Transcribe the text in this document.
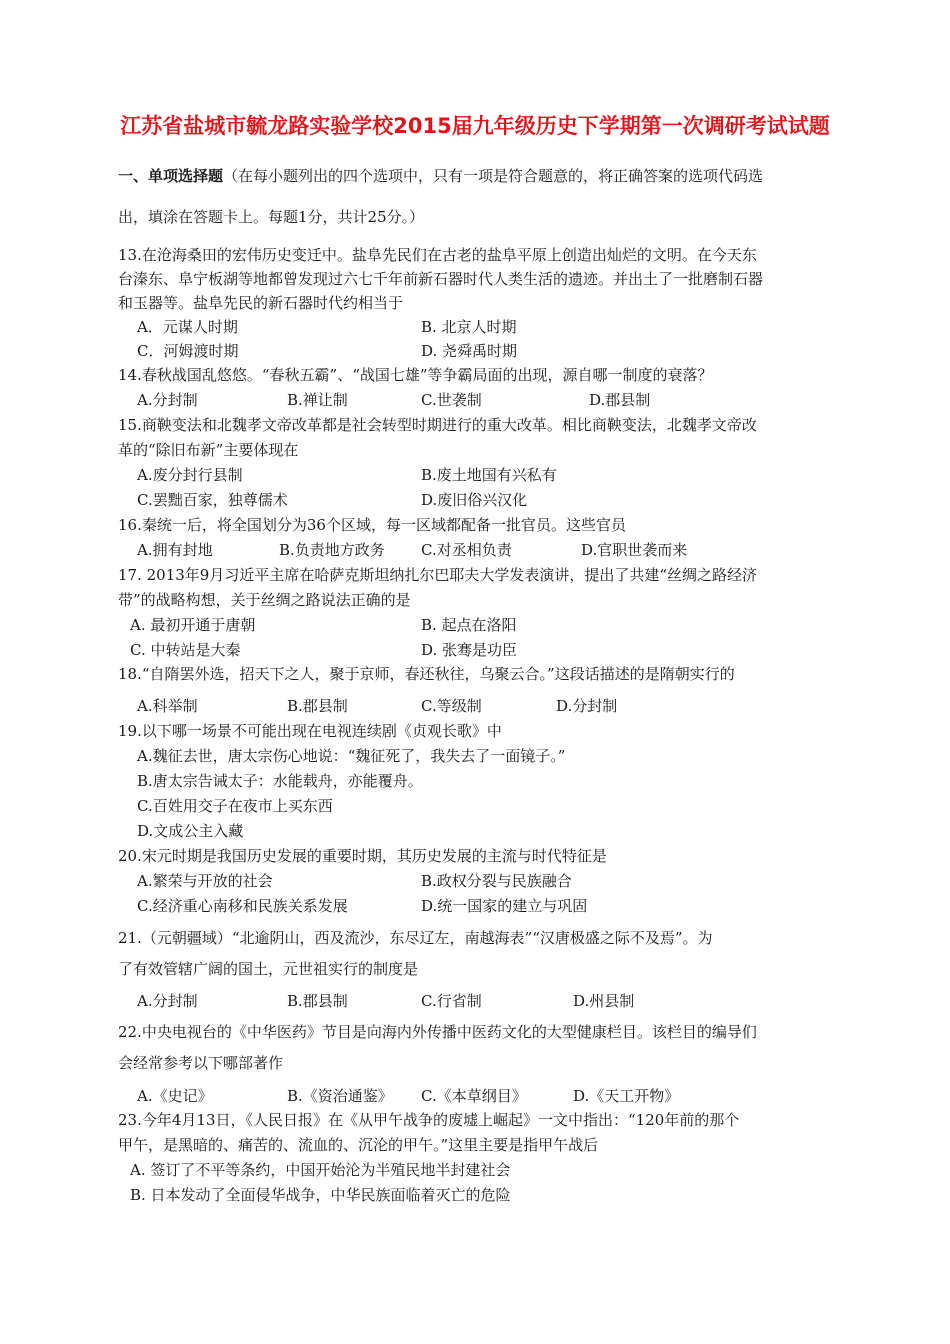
江苏省盐城市毓龙路实验学校2015届九年级历史下学期第一次调研考试试题
一、单项选择题（在每小题列出的四个选项中，只有一项是符合题意的，将正确答案的选项代码选
出，填涂在答题卡上。每题1分，共计25分。）
13.在沧海桑田的宏伟历史变迁中。盐阜先民们在古老的盐阜平原上创造出灿烂的文明。在今天东
台溱东、阜宁板湖等地都曾发现过六七千年前新石器时代人类生活的遗迹。并出土了一批磨制石器
和玉器等。盐阜先民的新石器时代约相当于
A．元谋人时期	B. 北京人时期
C．河姆渡时期	D. 尧舜禹时期
14.春秋战国乱悠悠。“春秋五霸”、“战国七雄”等争霸局面的出现，源自哪一制度的衰落？
A.分封制	B.禅让制	C.世袭制	D.郡县制
15.商鞅变法和北魏孝文帝改革都是社会转型时期进行的重大改革。相比商鞅变法，北魏孝文帝改
革的“除旧布新”主要体现在
A.废分封行县制	B.废土地国有兴私有
C.罢黜百家，独尊儒术	D.废旧俗兴汉化
16.秦统一后，将全国划分为36个区域，每一区域都配备一批官员。这些官员
A.拥有封地	B.负责地方政务 C.对丞相负责	D.官职世袭而来
17. 2013年9月习近平主席在哈萨克斯坦纳扎尔巴耶夫大学发表演讲，提出了共建“丝绸之路经济
带”的战略构想，关于丝绸之路说法正确的是
A. 最初开通于唐朝	B. 起点在洛阳
C. 中转站是大秦	D. 张骞是功臣
18.“自隋罢外选，招天下之人，聚于京师，春还秋往，乌聚云合。”这段话描述的是隋朝实行的
A.科举制	B.郡县制	C.等级制	D.分封制
19.以下哪一场景不可能出现在电视连续剧《贞观长歌》中
A.魏征去世，唐太宗伤心地说：“魏征死了，我失去了一面镜子。”
B.唐太宗告诫太子：水能载舟，亦能覆舟。
C.百姓用交子在夜市上买东西
D.文成公主入藏
20.宋元时期是我国历史发展的重要时期，其历史发展的主流与时代特征是
A.繁荣与开放的社会	B.政权分裂与民族融合
C.经济重心南移和民族关系发展	D.统一国家的建立与巩固
21.（元朝疆域）“北逾阴山，西及流沙，东尽辽左，南越海表”“汉唐极盛之际不及焉”。为
了有效管辖广阔的国土，元世祖实行的制度是
A.分封制	B.郡县制	C.行省制	D.州县制
22.中央电视台的《中华医药》节目是向海内外传播中医药文化的大型健康栏目。该栏目的编导们
会经常参考以下哪部著作
A.《史记》	B.《资治通鉴》 C.《本草纲目》	D.《天工开物》
23.今年4月13日，《人民日报》在《从甲午战争的废墟上崛起》一文中指出：“120年前的那个
甲午，是黑暗的、痛苦的、流血的、沉沦的甲午。”这里主要是指甲午战后
A. 签订了不平等条约，中国开始沦为半殖民地半封建社会
B. 日本发动了全面侵华战争，中华民族面临着灭亡的危险
